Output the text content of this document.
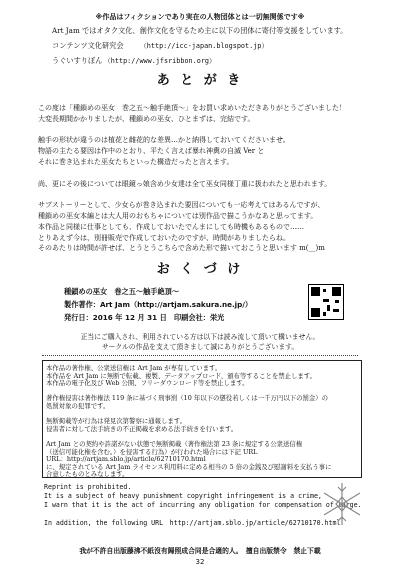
※作品はフィクションであり実在の人物団体とは一切無関係です※
Art Jam ではオタク文化、創作文化を守るため主に以下の団体に寄付等支援をしています。
コンテンツ文化研究会 （http://icc-japan.blogspot.jp）
うぐいすりぼん （http://www.jfsribbon.org）
あ と が き
この度は「種鎖めの巫女　巻之五〜触手絶頂〜」をお買い求めいただきありがとうございました！
大変長期間かかりましたが、種鎖めの巫女、ひとまずは、完結です。
触手の形状が違うのは植花と雌花的な差異…かと納得しておいてくださいませ。
物語の主たる要因は作中のとおり、平たく言えば暴れ神輿の自滅 Ver と
それに巻き込まれた巫女たちといった構造だったと言えます。
尚、更にその後については眼鏡っ娘含め少女達は全て巫女同様丁重に扱われたと思われます。
サブストーリーとして、少女らが巻き込まれた要因についても一応考えてはあるんですが、
種鎖めの巫女本編とは大人用のおもちゃについては別作品で描こうかなあと思ってます。
本作品と同様に仕事としても、作成しておいたでんまにしても時機もあるもので……
とりあえず今は、別冊販売で作成しておいたのですが、時間がありましたらね。
そのあたりは時間が許せば、とうとうこちらで含めた形で描いておこうと思います m(__)m
お く づ け
種鎖めの巫女　巻之五〜触手絶頂〜
製作著作：Art Jam（http://artjam.sakura.ne.jp/）
発行日：2016 年 12 月 31 日　印刷会社：栄光
正当にご購入され、利用されている方は以下は読み流して頂いて構いません。
サークルの作品を支えて頂きまして誠にありがとうございます。
本作品の著作権、公衆送信権は Art Jam が専有しています。
本作品を Art Jam に無断で転載、複製、データアップロード、頒布等することを禁止します。
本作品の電子化及び Web 公開、フリーダウンロード等を禁止します。
著作権侵害は著作権法 119 条に基づく刑事罰（10 年以下の懲役若しくは一千万円以下の罰金）の
処罰対象の犯罪です。
無断掲載等が行為は発見次第警察に通報します。
侵害者に対して法手続きの不正掲載を求める法手続きを行います。
Art Jam との契約や許諾がない状態で無断掲載（著作権法第 23 条に規定する公衆送信権
（送信可能化権を含む。）を侵害する行為）が行われた場合には下記 URL
URL：http://artjam.sblo.jp/article/62710170.html
に、規定されている Art Jam ライセンス利用料に定める相当の 5 倍の金銭及び慰謝料を支払う事に
合意したものとみなします。
Reprint is prohibited.
It is a subject of heavy punishment copyright infringement is a crime,
I warn that it is the act of incurring any obligation for compensation of large.
In addition, the following URL　http://artjam.sblo.jp/article/62710170.html
我が不許自出版藤沸不紙沒有歸照成合同是合適的人。　擅自出版禁令　禁止下載
32
